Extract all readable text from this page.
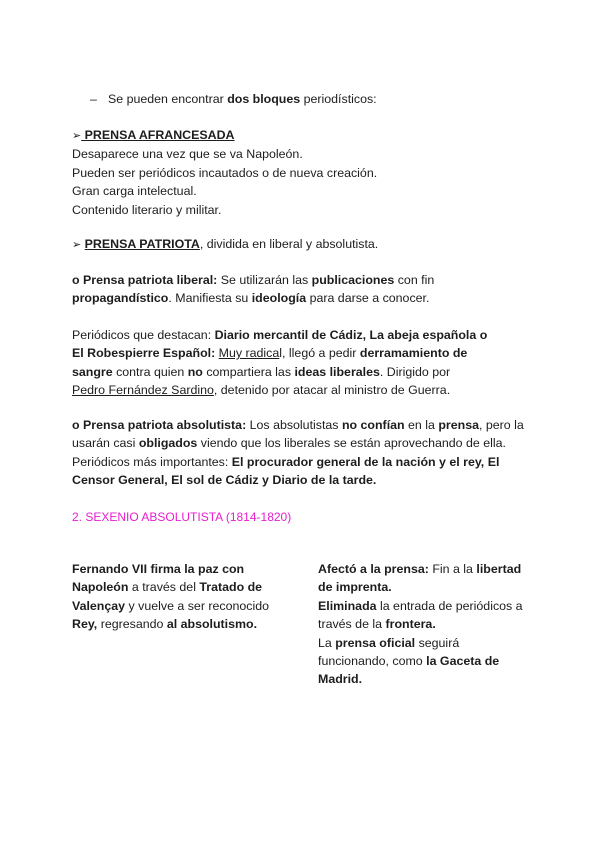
– Se pueden encontrar dos bloques periodísticos:

➢ PRENSA AFRANCESADA

Desaparece una vez que se va Napoleón.

Pueden ser periódicos incautados o de nueva creación.

Gran carga intelectual.

Contenido literario y militar.

➢ PRENSA PATRIOTA, dividida en liberal y absolutista.

o Prensa patriota liberal: Se utilizarán las publicaciones con fin

propagandístico. Manifiesta su ideología para darse a conocer.

Periódicos que destacan: Diario mercantil de Cádiz, La abeja española o

El Robespierre Español: Muy radical, llegó a pedir derramamiento de

sangre contra quien no compartiera las ideas liberales. Dirigido por

Pedro Fernández Sardino, detenido por atacar al ministro de Guerra.

o Prensa patriota absolutista: Los absolutistas no confían en la prensa, pero la

usarán casi obligados viendo que los liberales se están aprovechando de ella.

Periódicos más importantes: El procurador general de la nación y el rey, El

Censor General, El sol de Cádiz y Diario de la tarde.

2. SEXENIO ABSOLUTISTA (1814-1820)

Fernando VII firma la paz con

Napoleón a través del Tratado de

Valençay y vuelve a ser reconocido

Rey, regresando al absolutismo.

Afectó a la prensa: Fin a la libertad

de imprenta.

Eliminada la entrada de periódicos a

través de la frontera.

La prensa oficial seguirá

funcionando, como la Gaceta de

Madrid.
